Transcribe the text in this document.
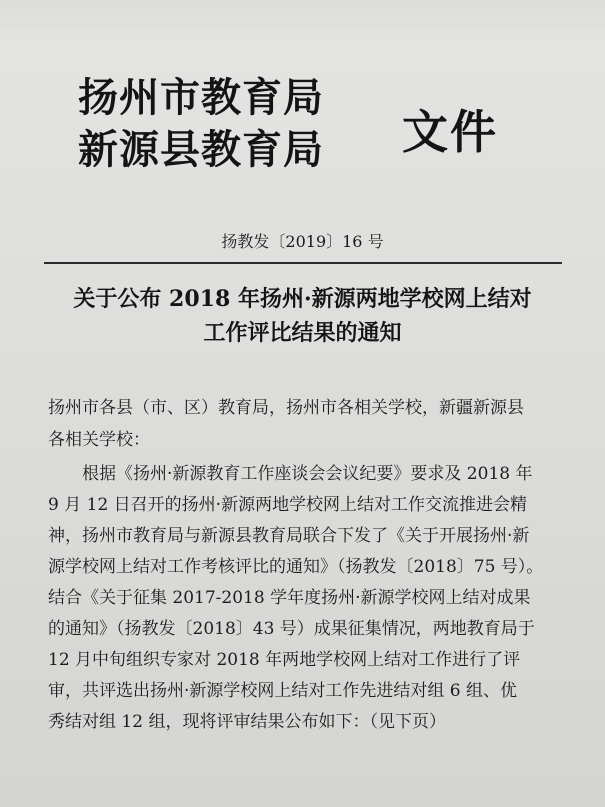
扬州市教育局
新源县教育局 文件
扬教发〔2019〕16 号
关于公布 2018 年扬州·新源两地学校网上结对
工作评比结果的通知
扬州市各县（市、区）教育局，扬州市各相关学校，新疆新源县
各相关学校：
根据《扬州·新源教育工作座谈会会议纪要》要求及 2018 年
9 月 12 日召开的扬州·新源两地学校网上结对工作交流推进会精
神，扬州市教育局与新源县教育局联合下发了《关于开展扬州·新
源学校网上结对工作考核评比的通知》（扬教发〔2018〕75 号）。
结合《关于征集 2017-2018 学年度扬州·新源学校网上结对成果
的通知》（扬教发〔2018〕43 号）成果征集情况，两地教育局于
12 月中旬组织专家对 2018 年两地学校网上结对工作进行了评
审，共评选出扬州·新源学校网上结对工作先进结对组 6 组、优
秀结对组 12 组，现将评审结果公布如下：（见下页）
